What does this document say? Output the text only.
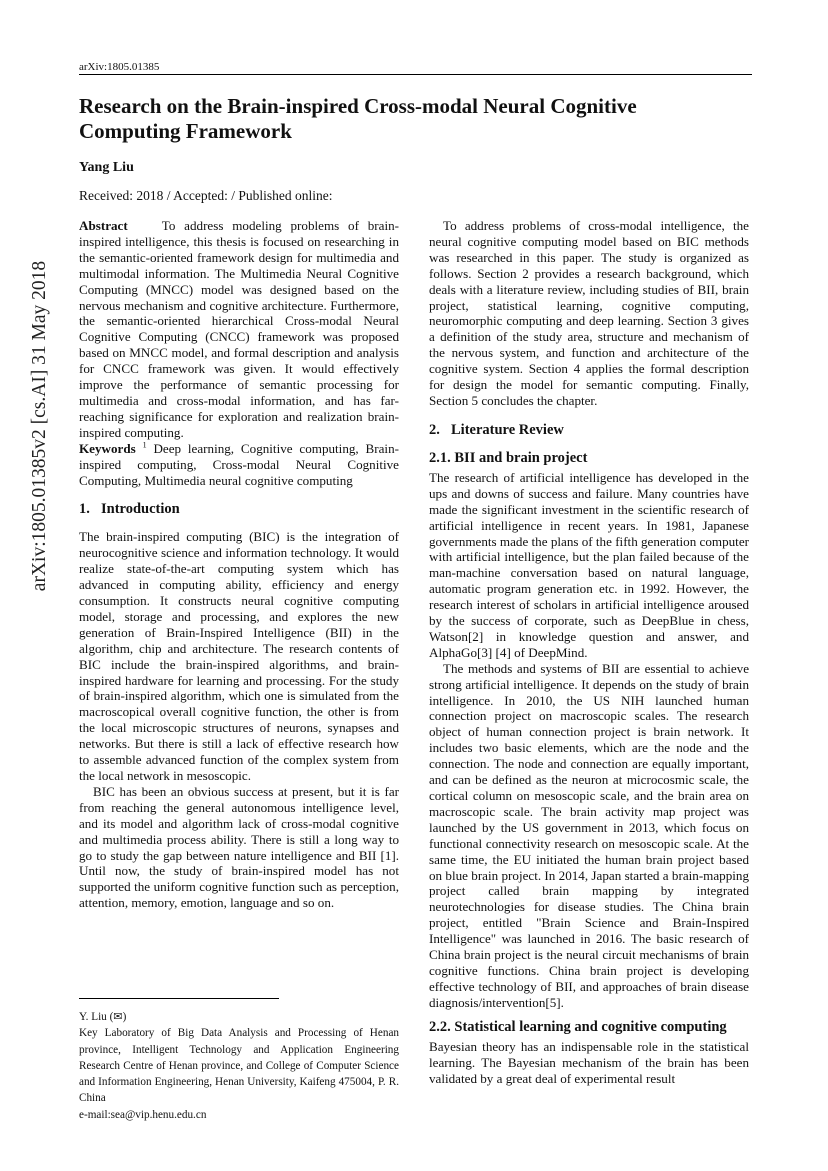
arXiv:1805.01385
arXiv:1805.01385v2 [cs.AI] 31 May 2018
Research on the Brain-inspired Cross-modal Neural Cognitive Computing Framework
Yang Liu
Received: 2018 / Accepted: / Published online:

Abstract	To address modeling problems of brain-inspired intelligence, this thesis is focused on researching in the semantic-oriented framework design for multimedia and multimodal information. The Multimedia Neural Cognitive Computing (MNCC) model was designed based on the nervous mechanism and cognitive architecture. Furthermore, the semantic-oriented hierarchical Cross-modal Neural Cognitive Computing (CNCC) framework was proposed based on MNCC model, and formal description and analysis for CNCC framework was given. It would effectively improve the performance of semantic processing for multimedia and cross-modal information, and has far-reaching significance for exploration and realization brain-inspired computing.

Keywords $^1$ Deep learning, Cognitive computing, Brain-inspired computing, Cross-modal Neural Cognitive Computing, Multimedia neural cognitive computing

1. Introduction

The brain-inspired computing (BIC) is the integration of neurocognitive science and information technology. It would realize state-of-the-art computing system which has advanced in computing ability, efficiency and energy consumption. It constructs neural cognitive computing model, storage and processing, and explores the new generation of Brain-Inspired Intelligence (BII) in the algorithm, chip and architecture. The research contents of BIC include the brain-inspired algorithms, and brain-inspired hardware for learning and processing. For the study of brain-inspired algorithm, which one is simulated from the macroscopical overall cognitive function, the other is from the local microscopic structures of neurons, synapses and networks. But there is still a lack of effective research how to assemble advanced function of the complex system from the local network in mesoscopic.

BIC has been an obvious success at present, but it is far from reaching the general autonomous intelligence level, and its model and algorithm lack of cross-modal cognitive and multimedia process ability. There is still a long way to go to study the gap between nature intelligence and BII [1]. Until now, the study of brain-inspired model has not supported the uniform cognitive function such as perception, attention, memory, emotion, language and so on.

To address problems of cross-modal intelligence, the neural cognitive computing model based on BIC methods was researched in this paper. The study is organized as follows. Section 2 provides a research background, which deals with a literature review, including studies of BII, brain project, statistical learning, cognitive computing, neuromorphic computing and deep learning. Section 3 gives a definition of the study area, structure and mechanism of the nervous system, and function and architecture of the cognitive system. Section 4 applies the formal description for design the model for semantic computing. Finally, Section 5 concludes the chapter.

2. Literature Review
2.1. BII and brain project

The research of artificial intelligence has developed in the ups and downs of success and failure. Many countries have made the significant investment in the scientific research of artificial intelligence in recent years. In 1981, Japanese governments made the plans of the fifth generation computer with artificial intelligence, but the plan failed because of the man-machine conversation based on natural language, automatic program generation etc. in 1992. However, the research interest of scholars in artificial intelligence aroused by the success of corporate, such as DeepBlue in chess, Watson[2] in knowledge question and answer, and AlphaGo[3] [4] of DeepMind.

The methods and systems of BII are essential to achieve strong artificial intelligence. It depends on the study of brain intelligence. In 2010, the US NIH launched human connection project on macroscopic scales. The research object of human connection project is brain network. It includes two basic elements, which are the node and the connection. The node and connection are equally important, and can be defined as the neuron at microcosmic scale, the cortical column on mesoscopic scale, and the brain area on macroscopic scale. The brain activity map project was launched by the US government in 2013, which focus on functional connectivity research on mesoscopic scale. At the same time, the EU initiated the human brain project based on blue brain project. In 2014, Japan started a brain-mapping project called brain mapping by integrated neurotechnologies for disease studies. The China brain project, entitled "Brain Science and Brain-Inspired Intelligence" was launched in 2016. The basic research of China brain project is the neural circuit mechanisms of brain cognitive functions. China brain project is developing effective technology of BII, and approaches of brain disease diagnosis/intervention[5].

2.2. Statistical learning and cognitive computing

Bayesian theory has an indispensable role in the statistical learning. The Bayesian mechanism of the brain has been validated by a great deal of experimental result

Y. Liu (✉)

Key Laboratory of Big Data Analysis and Processing of Henan province, Intelligent Technology and Application Engineering Research Centre of Henan province, and College of Computer Science and Information Engineering, Henan University, Kaifeng 475004, P. R. China

e-mail:sea@vip.henu.edu.cn
